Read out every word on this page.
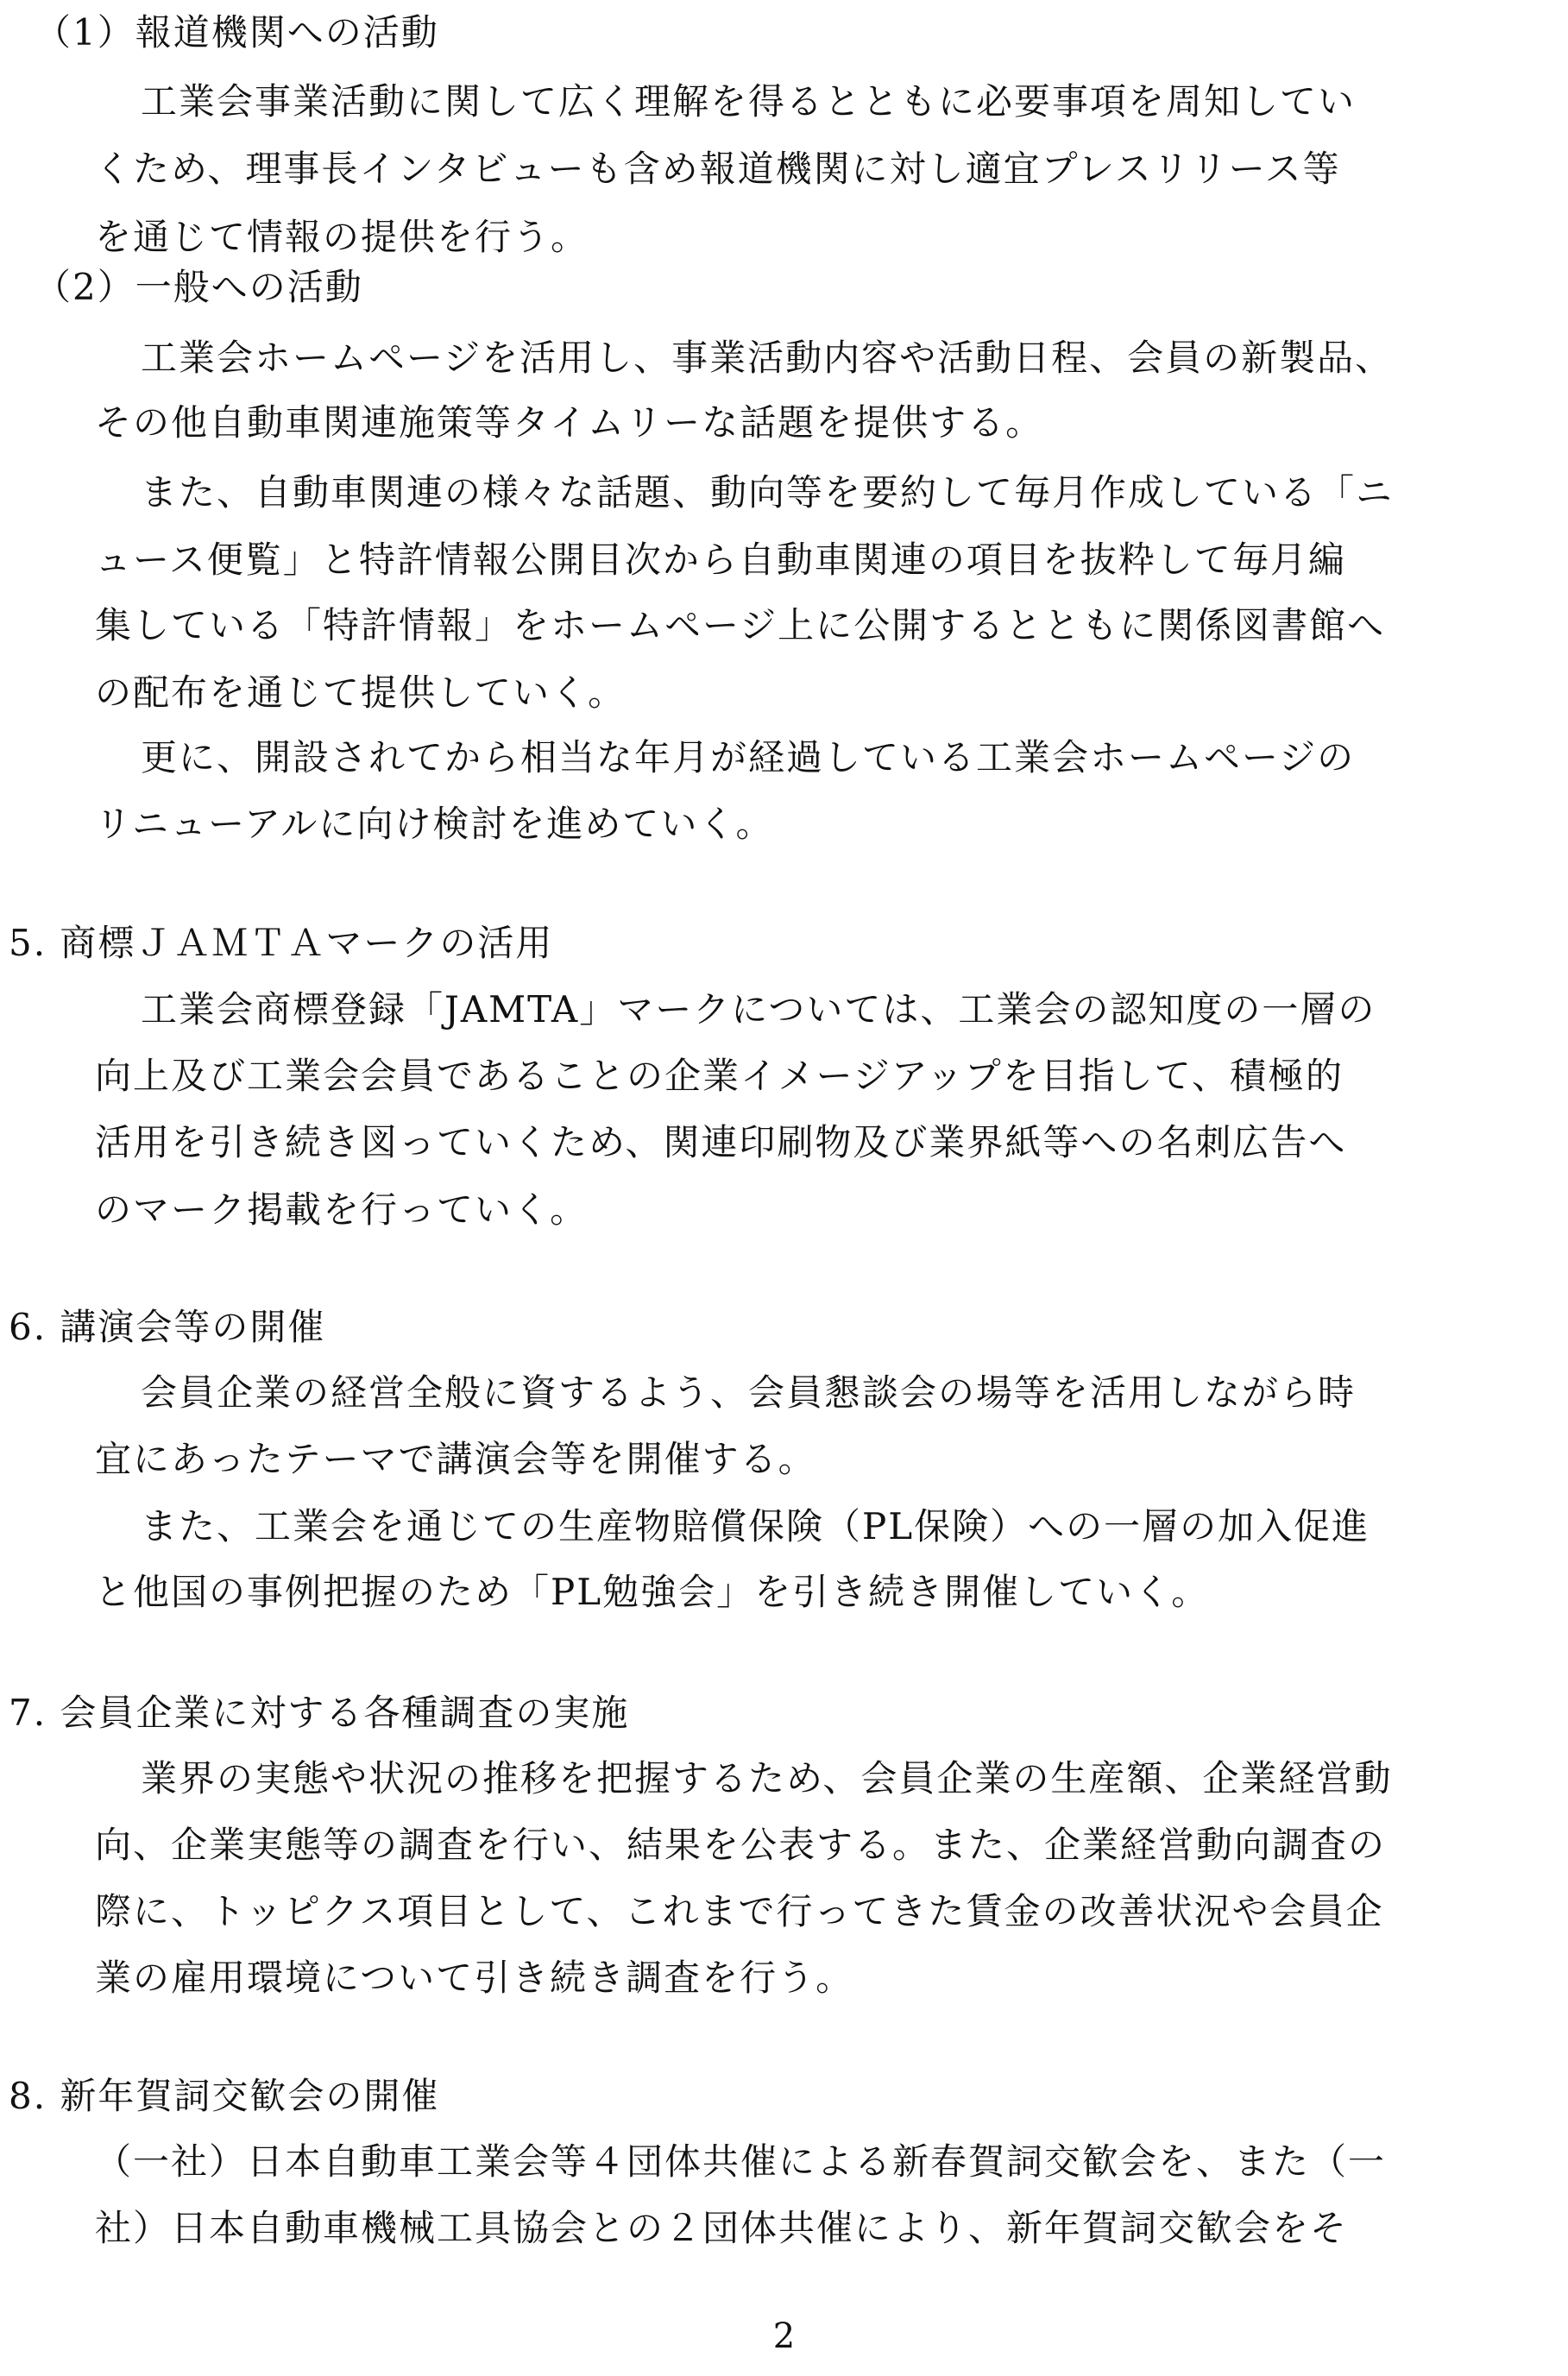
（1）報道機関への活動
工業会事業活動に関して広く理解を得るとともに必要事項を周知してい
くため、理事長インタビューも含め報道機関に対し適宜プレスリリース等
を通じて情報の提供を行う。
（2）一般への活動
工業会ホームページを活用し、事業活動内容や活動日程、会員の新製品、
その他自動車関連施策等タイムリーな話題を提供する。
また、自動車関連の様々な話題、動向等を要約して毎月作成している「ニ
ュース便覧」と特許情報公開目次から自動車関連の項目を抜粋して毎月編
集している「特許情報」をホームページ上に公開するとともに関係図書館へ
の配布を通じて提供していく。
更に、開設されてから相当な年月が経過している工業会ホームページの
リニューアルに向け検討を進めていく。
5. 商標ＪＡＭＴＡマークの活用
工業会商標登録「JAMTA」マークについては、工業会の認知度の一層の
向上及び工業会会員であることの企業イメージアップを目指して、積極的
活用を引き続き図っていくため、関連印刷物及び業界紙等への名刺広告へ
のマーク掲載を行っていく。
6. 講演会等の開催
会員企業の経営全般に資するよう、会員懇談会の場等を活用しながら時
宜にあったテーマで講演会等を開催する。
また、工業会を通じての生産物賠償保険（PL保険）への一層の加入促進
と他国の事例把握のため「PL勉強会」を引き続き開催していく。
7. 会員企業に対する各種調査の実施
業界の実態や状況の推移を把握するため、会員企業の生産額、企業経営動
向、企業実態等の調査を行い、結果を公表する。また、企業経営動向調査の
際に、トッピクス項目として、これまで行ってきた賃金の改善状況や会員企
業の雇用環境について引き続き調査を行う。
8. 新年賀詞交歓会の開催
（一社）日本自動車工業会等４団体共催による新春賀詞交歓会を、また（一
社）日本自動車機械工具協会との２団体共催により、新年賀詞交歓会をそ
2
